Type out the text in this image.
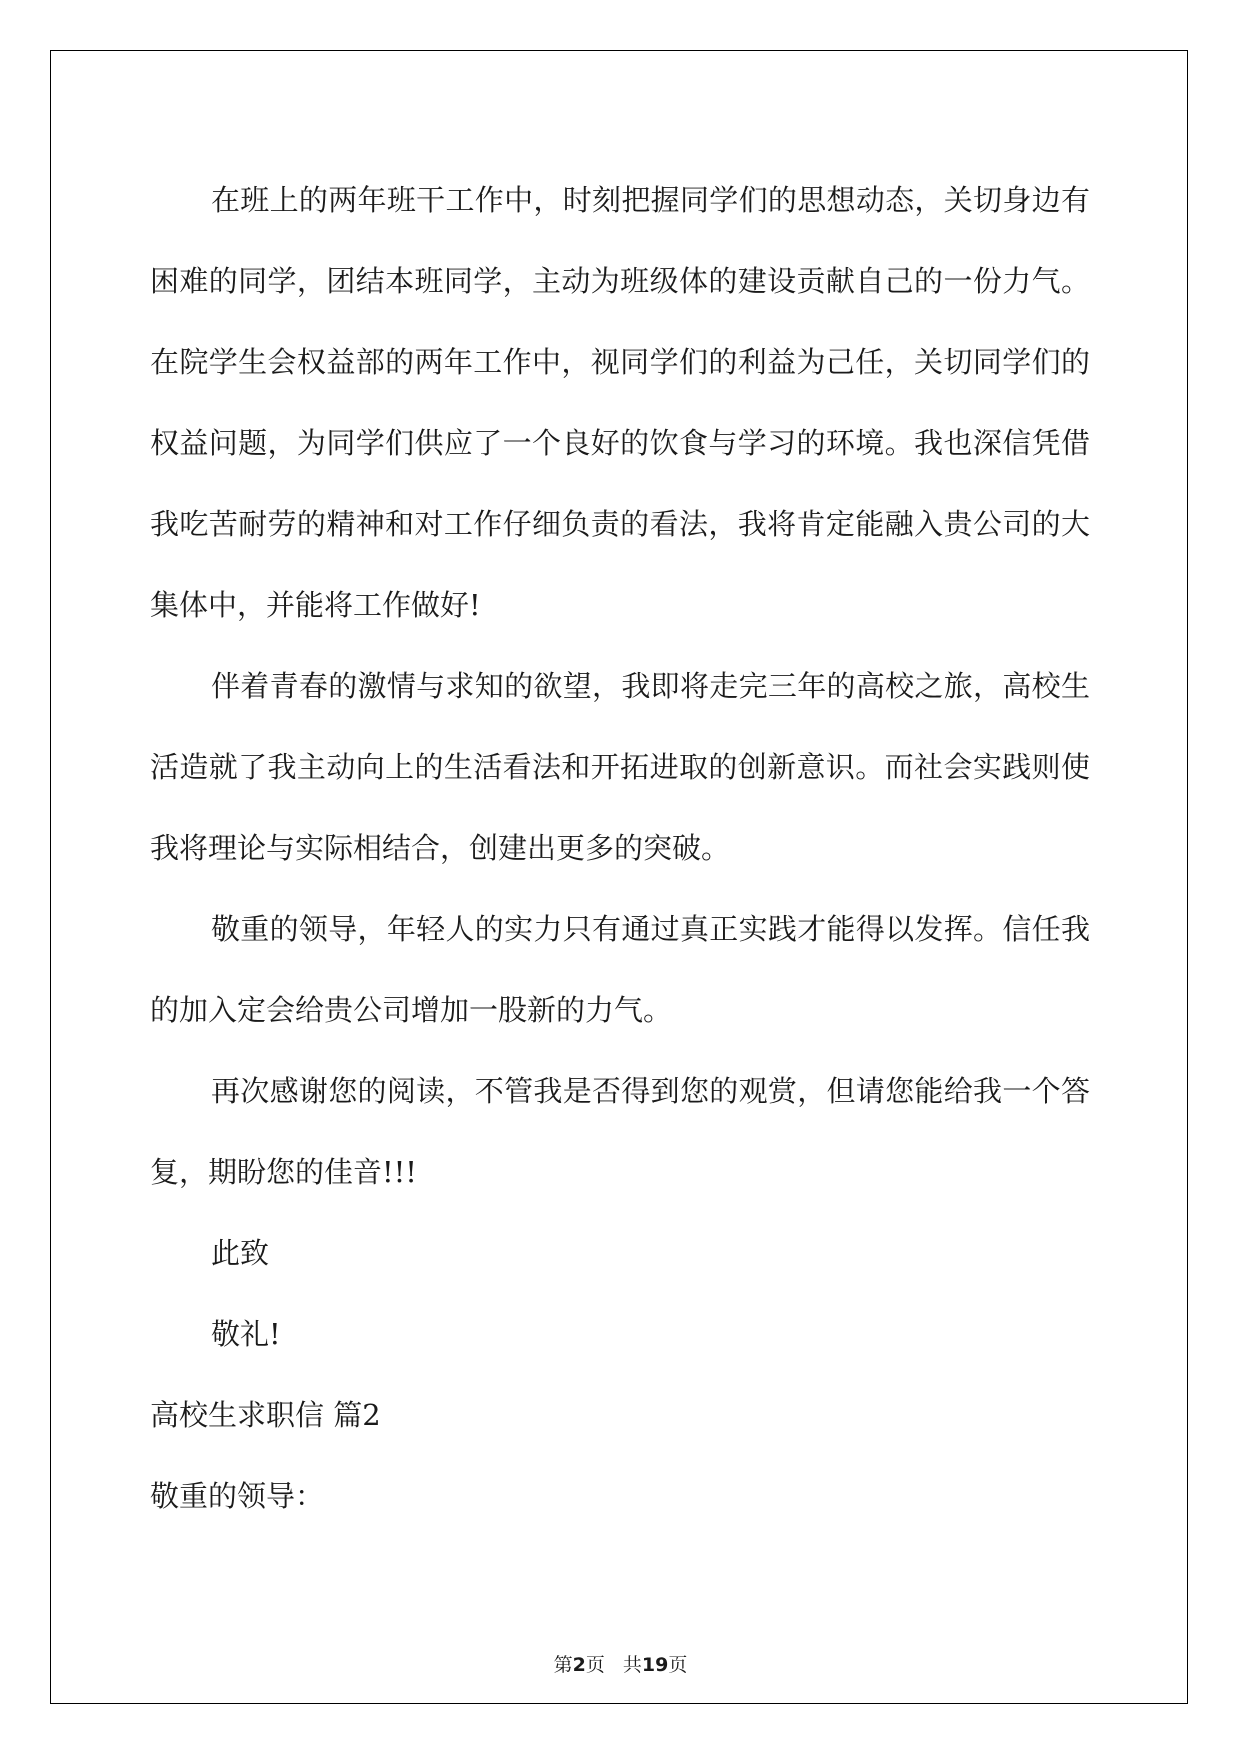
在班上的两年班干工作中，时刻把握同学们的思想动态，关切身边有困难的同学，团结本班同学，主动为班级体的建设贡献自己的一份力气。在院学生会权益部的两年工作中，视同学们的利益为己任，关切同学们的权益问题，为同学们供应了一个良好的饮食与学习的环境。我也深信凭借我吃苦耐劳的精神和对工作仔细负责的看法，我将肯定能融入贵公司的大集体中，并能将工作做好!

伴着青春的激情与求知的欲望，我即将走完三年的高校之旅，高校生活造就了我主动向上的生活看法和开拓进取的创新意识。而社会实践则使我将理论与实际相结合，创建出更多的突破。

敬重的领导，年轻人的实力只有通过真正实践才能得以发挥。信任我的加入定会给贵公司增加一股新的力气。

再次感谢您的阅读，不管我是否得到您的观赏，但请您能给我一个答复，期盼您的佳音!!!

此致

敬礼!

高校生求职信 篇2

敬重的领导：

第2页 共19页
